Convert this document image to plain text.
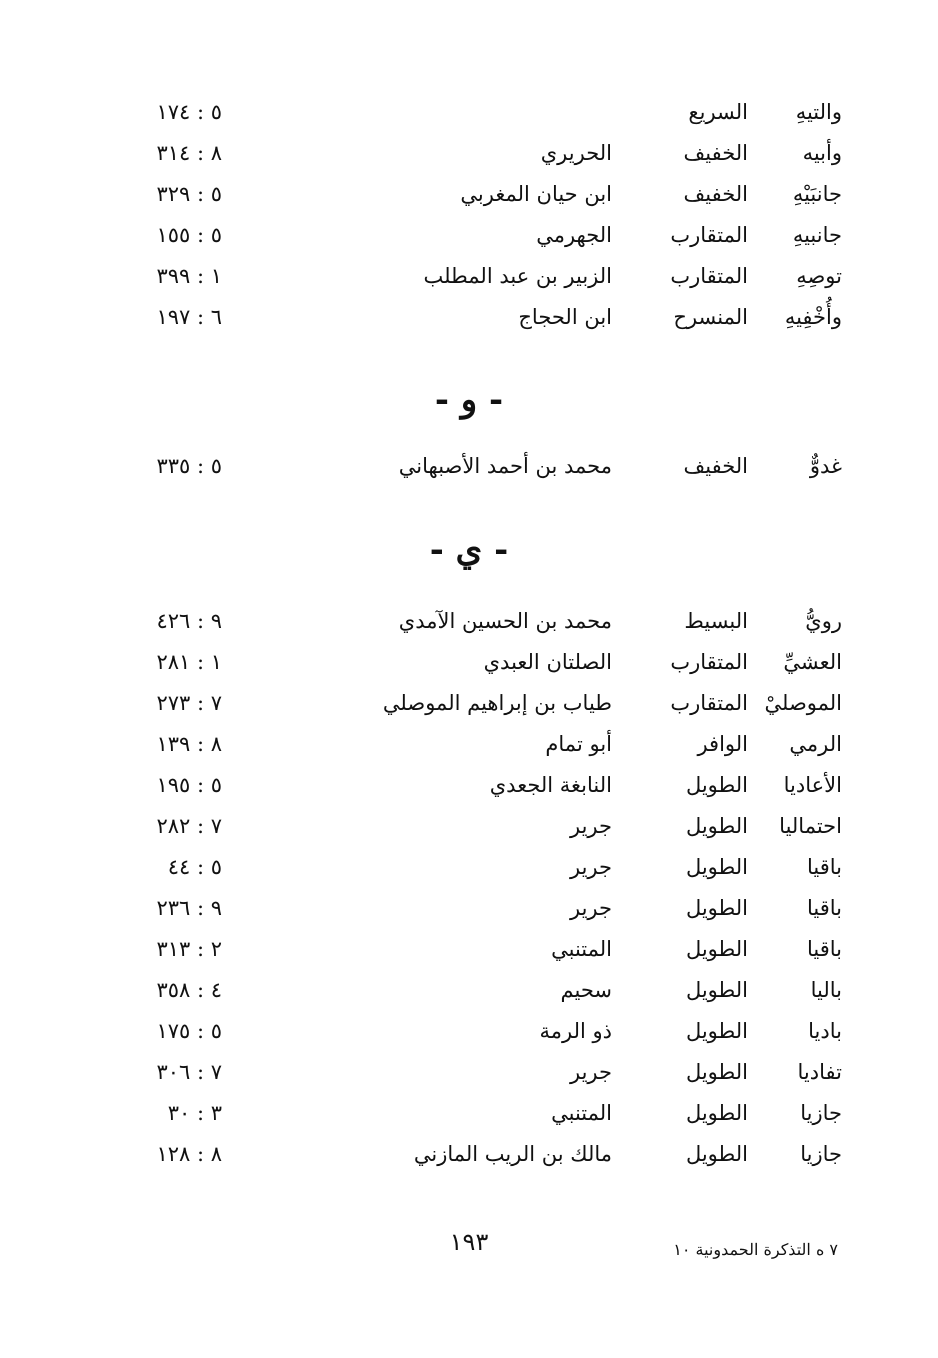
والتيهِ
السريع
٥ : ١٧٤
وأبيه
الخفيف
الحريري
٨ : ٣١٤
جانبَيْهِ
الخفيف
ابن حيان المغربي
٥ : ٣٢٩
جانبيهِ
المتقارب
الجهرمي
٥ : ١٥٥
توصِهِ
المتقارب
الزبير بن عبد المطلب
١ : ٣٩٩
وأُخْفِيهِ
المنسرح
ابن الحجاج
٦ : ١٩٧
- و -
غدوٌّ
الخفيف
محمد بن أحمد الأصبهاني
٥ : ٣٣٥
- ي -
رويُّ
البسيط
محمد بن الحسين الآمدي
٩ : ٤٢٦
العشيِّ
المتقارب
الصلتان العبدي
١ : ٢٨١
الموصليْ
المتقارب
طياب بن إبراهيم الموصلي
٧ : ٢٧٣
الرمي
الوافر
أبو تمام
٨ : ١٣٩
الأعاديا
الطويل
النابغة الجعدي
٥ : ١٩٥
احتماليا
الطويل
جرير
٧ : ٢٨٢
باقيا
الطويل
جرير
٥ : ٤٤
باقيا
الطويل
جرير
٩ : ٢٣٦
باقيا
الطويل
المتنبي
٢ : ٣١٣
باليا
الطويل
سحيم
٤ : ٣٥٨
باديا
الطويل
ذو الرمة
٥ : ١٧٥
تفاديا
الطويل
جرير
٧ : ٣٠٦
جازيا
الطويل
المتنبي
٣ : ٣٠
جازيا
الطويل
مالك بن الريب المازني
٨ : ١٢٨
١٩٣	٧ ه التذكرة الحمدونية ١٠
